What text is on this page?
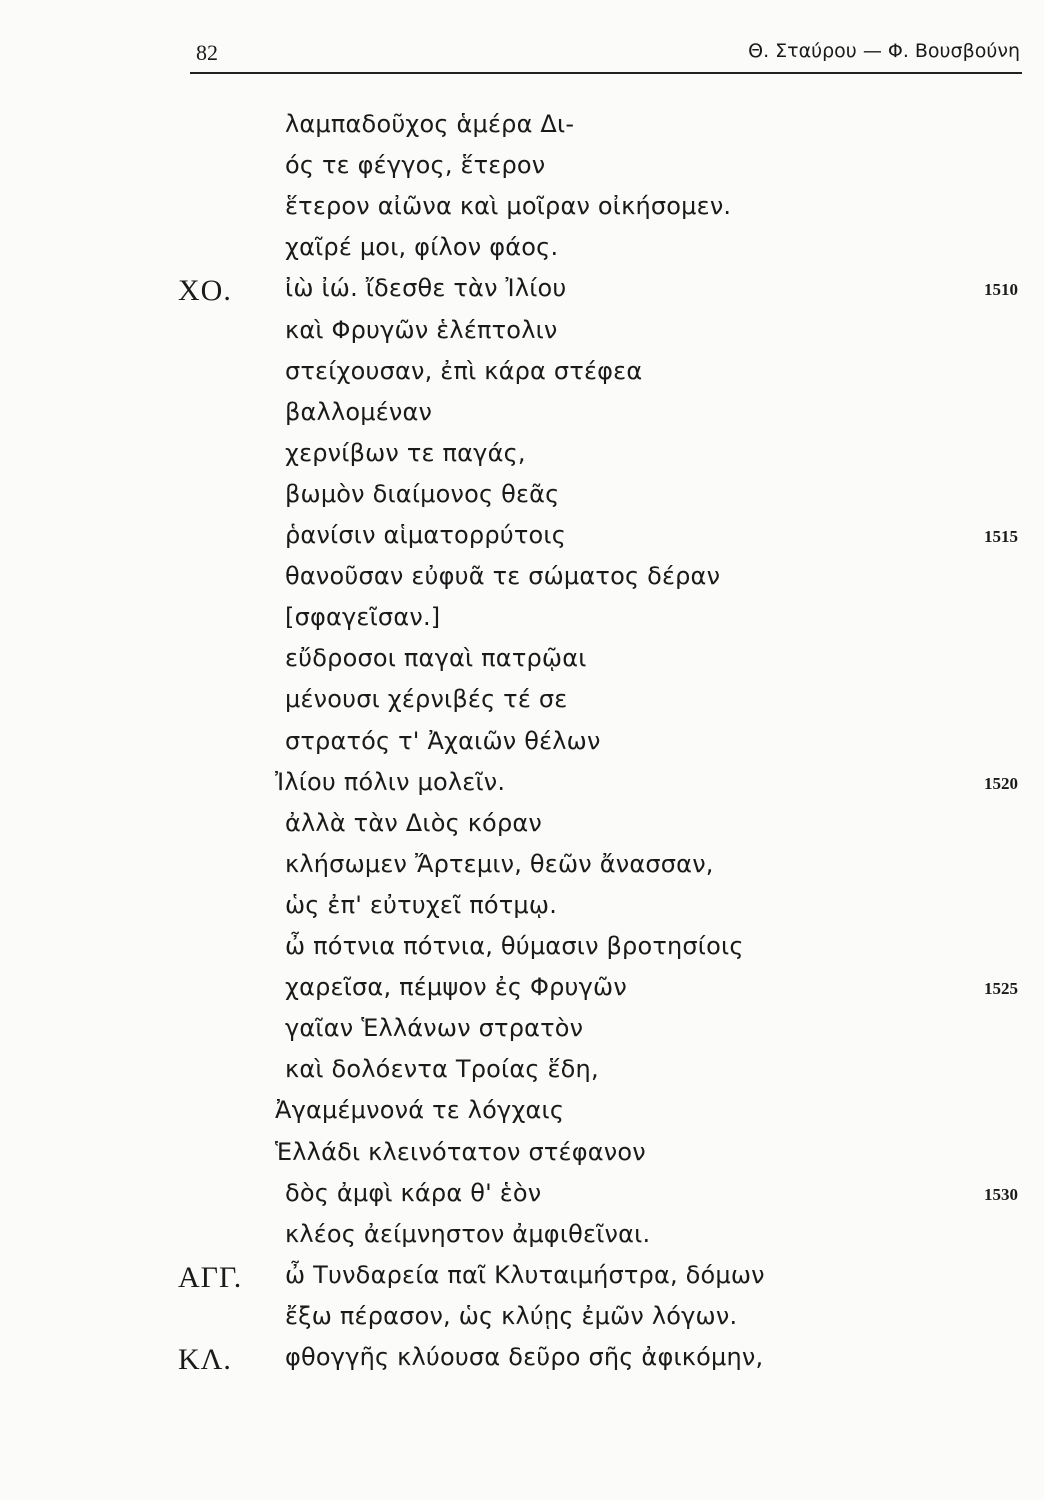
82	Θ. Σταύρου — Φ. Βουσβούνη
λαμπαδοῦχος ἁμέρα Δι-
ός τε φέγγος, ἕτερον
ἕτερον αἰῶνα καὶ μοῖραν οἰκήσομεν.
χαῖρέ μοι, φίλον φάος.
ΧΟ. ἰὼ ἰώ. ἴδεσθε τὰν Ἰλίου	1510
καὶ Φρυγῶν ἑλέπτολιν
στείχουσαν, ἐπὶ κάρα στέφεα
βαλλομέναν
χερνίβων τε παγάς,
βωμὸν διαίμονος θεᾶς
ῥανίσιν αἱματορρύτοις	1515
θανοῦσαν εὐφυᾶ τε σώματος δέραν
[σφαγεῖσαν.]
εὔδροσοι παγαὶ πατρῷαι
μένουσι χέρνιβές τέ σε
στρατός τ' Ἀχαιῶν θέλων
Ἰλίου πόλιν μολεῖν.	1520
ἀλλὰ τὰν Διὸς κόραν
κλήσωμεν Ἄρτεμιν, θεῶν ἄνασσαν,
ὡς ἐπ' εὐτυχεῖ πότμῳ.
ὦ πότνια πότνια, θύμασιν βροτησίοις
χαρεῖσα, πέμψον ἐς Φρυγῶν	1525
γαῖαν Ἑλλάνων στρατὸν
καὶ δολόεντα Τροίας ἕδη,
Ἀγαμέμνονά τε λόγχαις
Ἑλλάδι κλεινότατον στέφανον
δὸς ἀμφὶ κάρα θ' ἑὸν	1530
κλέος ἀείμνηστον ἀμφιθεῖναι.
ΑΓΓ. ὦ Τυνδαρεία παῖ Κλυταιμήστρα, δόμων
ἔξω πέρασον, ὡς κλύῃς ἐμῶν λόγων.
ΚΛ. φθογγῆς κλύουσα δεῦρο σῆς ἀφικόμην,
